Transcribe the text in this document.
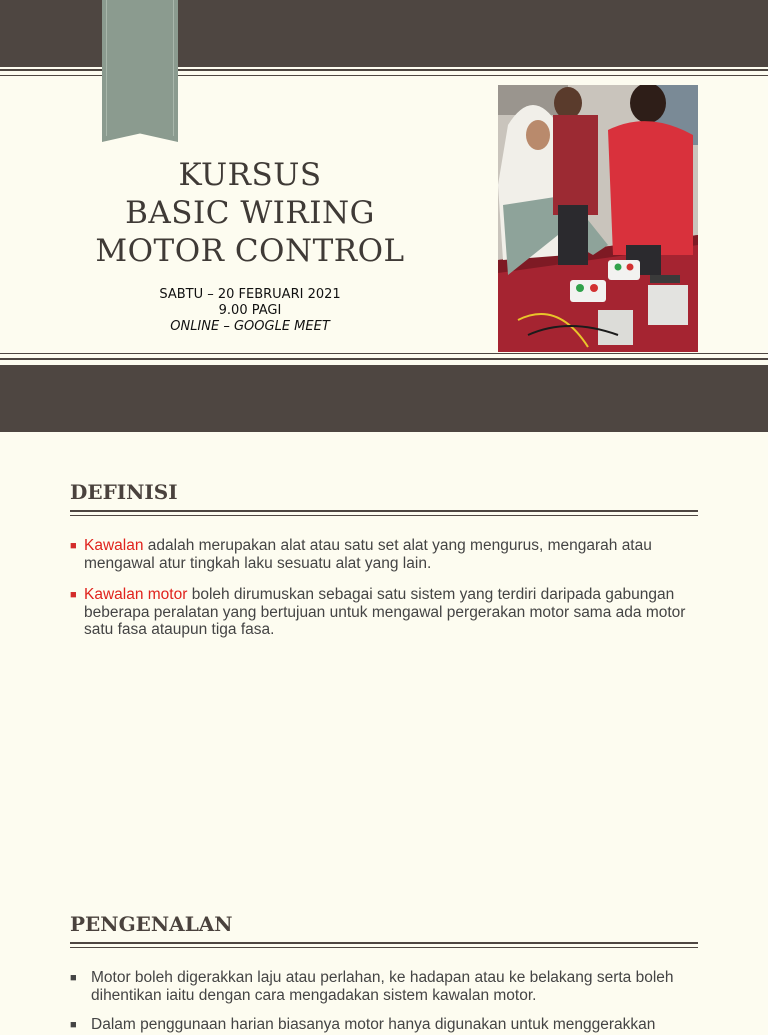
KURSUS
BASIC WIRING
MOTOR CONTROL
SABTU – 20 FEBRUARI 2021
9.00 PAGI
ONLINE – GOOGLE MEET
DEFINISI
■ Kawalan adalah merupakan alat atau satu set alat yang mengurus, mengarah atau mengawal atur tingkah laku sesuatu alat yang lain.
■ Kawalan motor boleh dirumuskan sebagai satu sistem yang terdiri daripada gabungan beberapa peralatan yang bertujuan untuk mengawal pergerakan motor sama ada motor satu fasa ataupun tiga fasa.
PENGENALAN
■ Motor boleh digerakkan laju atau perlahan, ke hadapan atau ke belakang serta boleh dihentikan iaitu dengan cara mengadakan sistem kawalan motor.
■ Dalam penggunaan harian biasanya motor hanya digunakan untuk menggerakkan
